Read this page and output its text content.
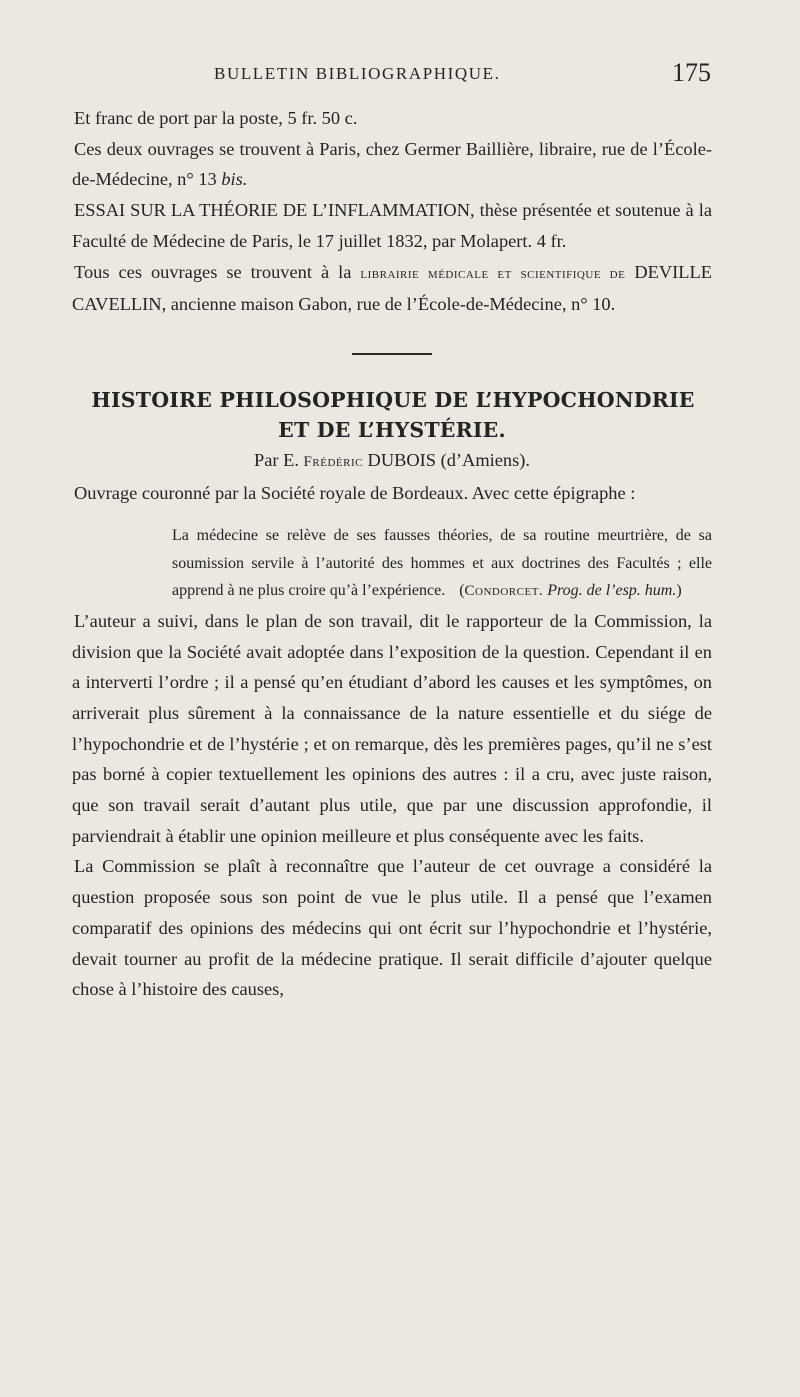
BULLETIN BIBLIOGRAPHIQUE.	175

Et franc de port par la poste, 5 fr. 50 c.

Ces deux ouvrages se trouvent à Paris, chez Germer Baillière, libraire, rue de l’École-de-Médecine, n° 13 bis.

ESSAI SUR LA THÉORIE DE L’INFLAMMATION, thèse présentée et soutenue à la Faculté de Médecine de Paris, le 17 juillet 1832, par Molapert. 4 fr.

Tous ces ouvrages se trouvent à la librairie médicale et scientifique de DEVILLE CAVELLIN, ancienne maison Gabon, rue de l’École-de-Médecine, n° 10.

HISTOIRE PHILOSOPHIQUE DE L’HYPOCHONDRIE
ET DE L’HYSTÉRIE.

Par E. Frédéric DUBOIS (d’Amiens).

Ouvrage couronné par la Société royale de Bordeaux. Avec cette épigraphe :

La médecine se relève de ses fausses théories, de sa routine meurtrière, de sa soumission servile à l’autorité des hommes et aux doctrines des Facultés ; elle apprend à ne plus croire qu’à l’expérience. (Condorcet. Prog. de l’esp. hum.)

L’auteur a suivi, dans le plan de son travail, dit le rapporteur de la Commission, la division que la Société avait adoptée dans l’exposition de la question. Cependant il en a interverti l’ordre ; il a pensé qu’en étudiant d’abord les causes et les symptômes, on arriverait plus sûrement à la connaissance de la nature essentielle et du siége de l’hypochondrie et de l’hystérie ; et on remarque, dès les premières pages, qu’il ne s’est pas borné à copier textuellement les opinions des autres : il a cru, avec juste raison, que son travail serait d’autant plus utile, que par une discussion approfondie, il parviendrait à établir une opinion meilleure et plus conséquente avec les faits.

La Commission se plaît à reconnaître que l’auteur de cet ouvrage a considéré la question proposée sous son point de vue le plus utile. Il a pensé que l’examen comparatif des opinions des médecins qui ont écrit sur l’hypochondrie et l’hystérie, devait tourner au profit de la médecine pratique. Il serait difficile d’ajouter quelque chose à l’histoire des causes,
